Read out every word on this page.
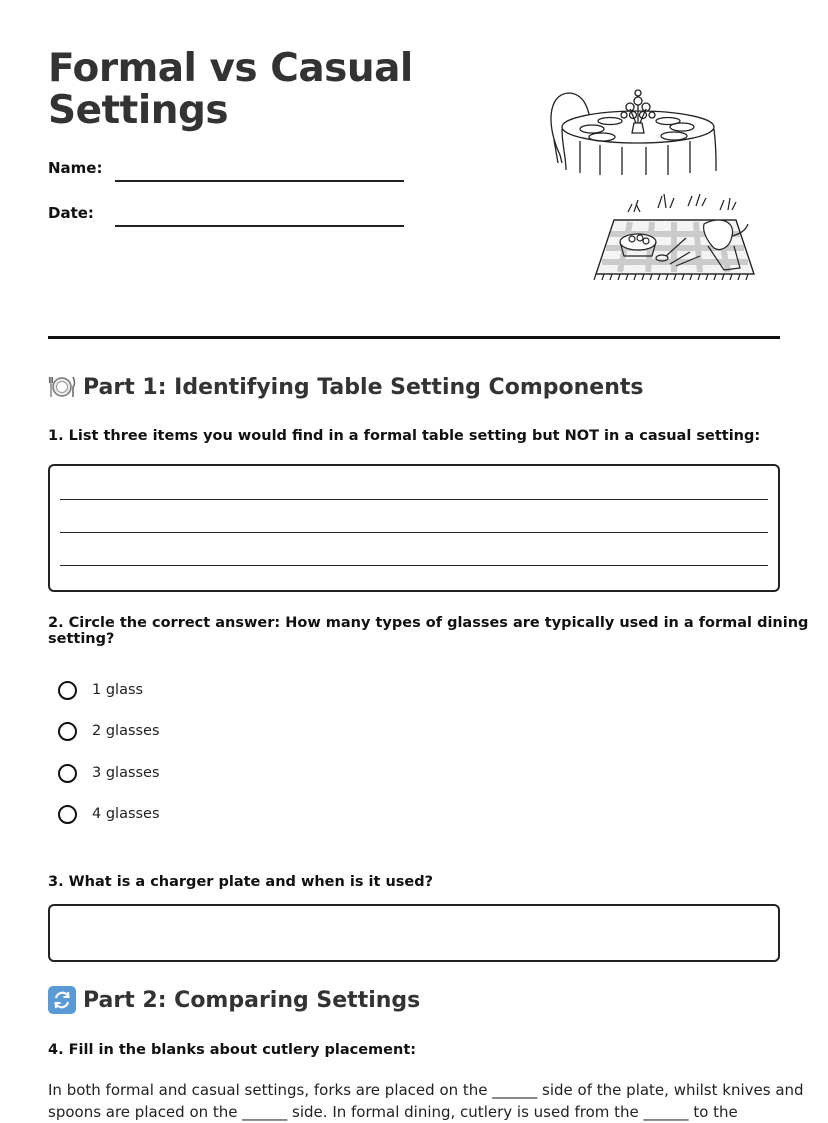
Formal vs Casual Settings
Name:
Date:
Part 1: Identifying Table Setting Components
1. List three items you would find in a formal table setting but NOT in a casual setting:
2. Circle the correct answer: How many types of glasses are typically used in a formal dining setting?
1 glass
2 glasses
3 glasses
4 glasses
3. What is a charger plate and when is it used?
Part 2: Comparing Settings
4. Fill in the blanks about cutlery placement:
In both formal and casual settings, forks are placed on the ______ side of the plate, whilst knives and
spoons are placed on the ______ side. In formal dining, cutlery is used from the ______ to the
